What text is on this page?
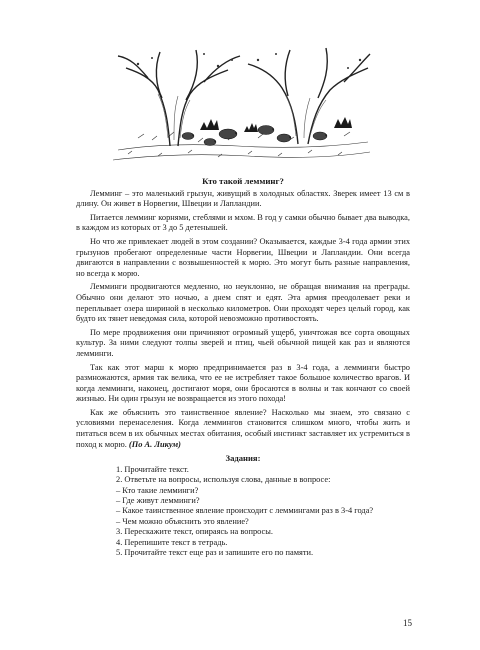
Кто такой лемминг?

Лемминг – это маленький грызун, живущий в холодных областях. Зверек имеет 13 см в длину. Он живет в Норвегии, Швеции и Лапландии.

Питается лемминг корнями, стеблями и мхом. В год у самки обычно бывает два выводка, в каждом из которых от 3 до 5 детенышей.

Но что же привлекает людей в этом создании? Оказывается, каждые 3-4 года армии этих грызунов пробегают определенные части Норвегии, Швеции и Лапландии. Они всегда двигаются в направлении с возвышенностей к морю. Это могут быть разные направления, но всегда к морю.

Лемминги продвигаются медленно, но неуклонно, не обращая внимания на преграды. Обычно они делают это ночью, а днем спят и едят. Эта армия преодолевает реки и переплывает озера шириной в несколько километров. Они проходят через целый город, как будто их тянет неведомая сила, которой невозможно противостоять.

По мере продвижения они причиняют огромный ущерб, уничтожая все сорта овощных культур. За ними следуют толпы зверей и птиц, чьей обычной пищей как раз и являются лемминги.

Так как этот марш к морю предпринимается раз в 3-4 года, а лемминги быстро размножаются, армия так велика, что ее не истребляет такое большое количество врагов. И когда лемминги, наконец, достигают моря, они бросаются в волны и так кончают со своей жизнью. Ни один грызун не возвращается из этого похода!

Как же объяснить это таинственное явление? Насколько мы знаем, это связано с условиями перенаселения. Когда леммингов становится слишком много, чтобы жить и питаться всем в их обычных местах обитания, особый инстинкт заставляет их устремиться в поход к морю. (По А. Ликум)

Задания:
1. Прочитайте текст.
2. Ответьте на вопросы, используя слова, данные в вопросе:
– Кто такие лемминги?
– Где живут лемминги?
– Какое таинственное явление происходит с леммингами раз в 3-4 года?
– Чем можно объяснить это явление?
3. Перескажите текст, опираясь на вопросы.
4. Перепишите текст в тетрадь.
5. Прочитайте текст еще раз и запишите его по памяти.
15
